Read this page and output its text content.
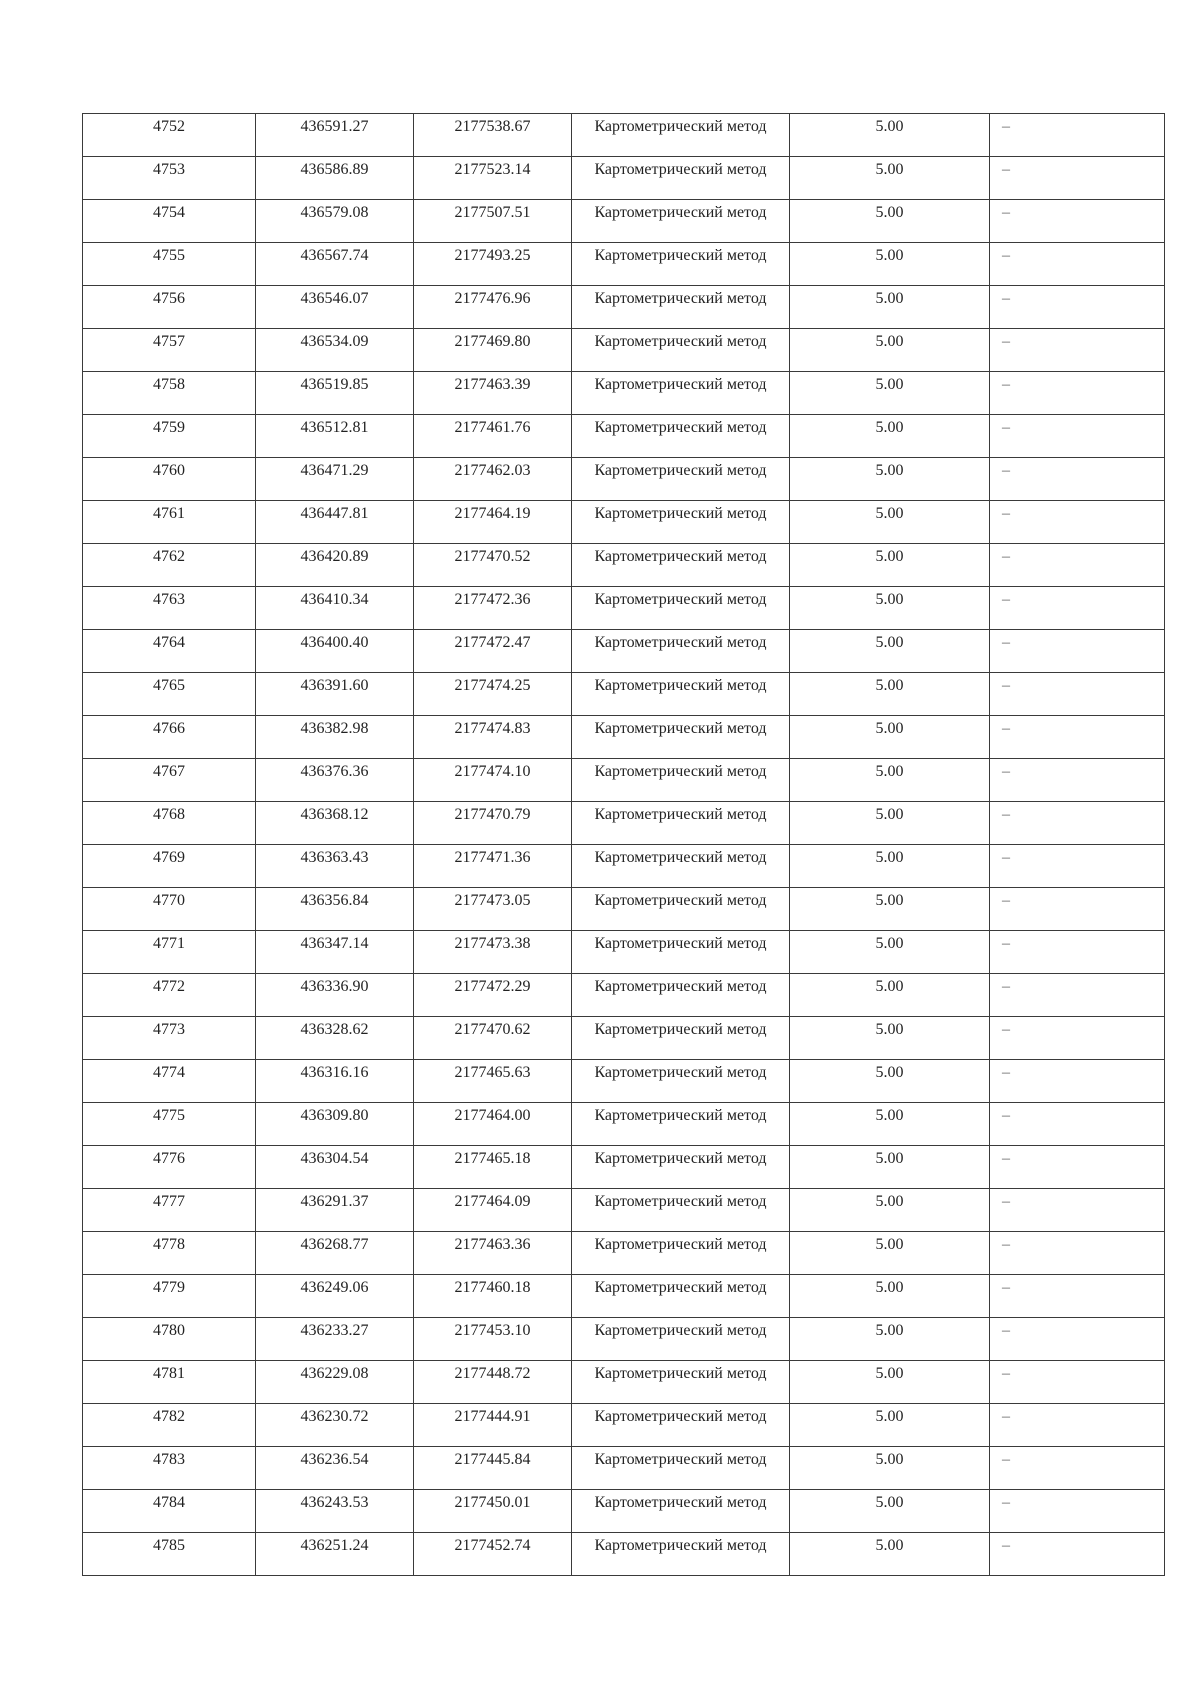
4752	436591.27	2177538.67	Картометрический метод	5.00	–

4753	436586.89	2177523.14	Картометрический метод	5.00	–

4754	436579.08	2177507.51	Картометрический метод	5.00	–

4755	436567.74	2177493.25	Картометрический метод	5.00	–

4756	436546.07	2177476.96	Картометрический метод	5.00	–

4757	436534.09	2177469.80	Картометрический метод	5.00	–

4758	436519.85	2177463.39	Картометрический метод	5.00	–

4759	436512.81	2177461.76	Картометрический метод	5.00	–

4760	436471.29	2177462.03	Картометрический метод	5.00	–

4761	436447.81	2177464.19	Картометрический метод	5.00	–

4762	436420.89	2177470.52	Картометрический метод	5.00	–

4763	436410.34	2177472.36	Картометрический метод	5.00	–

4764	436400.40	2177472.47	Картометрический метод	5.00	–

4765	436391.60	2177474.25	Картометрический метод	5.00	–

4766	436382.98	2177474.83	Картометрический метод	5.00	–

4767	436376.36	2177474.10	Картометрический метод	5.00	–

4768	436368.12	2177470.79	Картометрический метод	5.00	–

4769	436363.43	2177471.36	Картометрический метод	5.00	–

4770	436356.84	2177473.05	Картометрический метод	5.00	–

4771	436347.14	2177473.38	Картометрический метод	5.00	–

4772	436336.90	2177472.29	Картометрический метод	5.00	–

4773	436328.62	2177470.62	Картометрический метод	5.00	–

4774	436316.16	2177465.63	Картометрический метод	5.00	–

4775	436309.80	2177464.00	Картометрический метод	5.00	–

4776	436304.54	2177465.18	Картометрический метод	5.00	–

4777	436291.37	2177464.09	Картометрический метод	5.00	–

4778	436268.77	2177463.36	Картометрический метод	5.00	–

4779	436249.06	2177460.18	Картометрический метод	5.00	–

4780	436233.27	2177453.10	Картометрический метод	5.00	–

4781	436229.08	2177448.72	Картометрический метод	5.00	–

4782	436230.72	2177444.91	Картометрический метод	5.00	–

4783	436236.54	2177445.84	Картометрический метод	5.00	–

4784	436243.53	2177450.01	Картометрический метод	5.00	–

4785	436251.24	2177452.74	Картометрический метод	5.00	–
